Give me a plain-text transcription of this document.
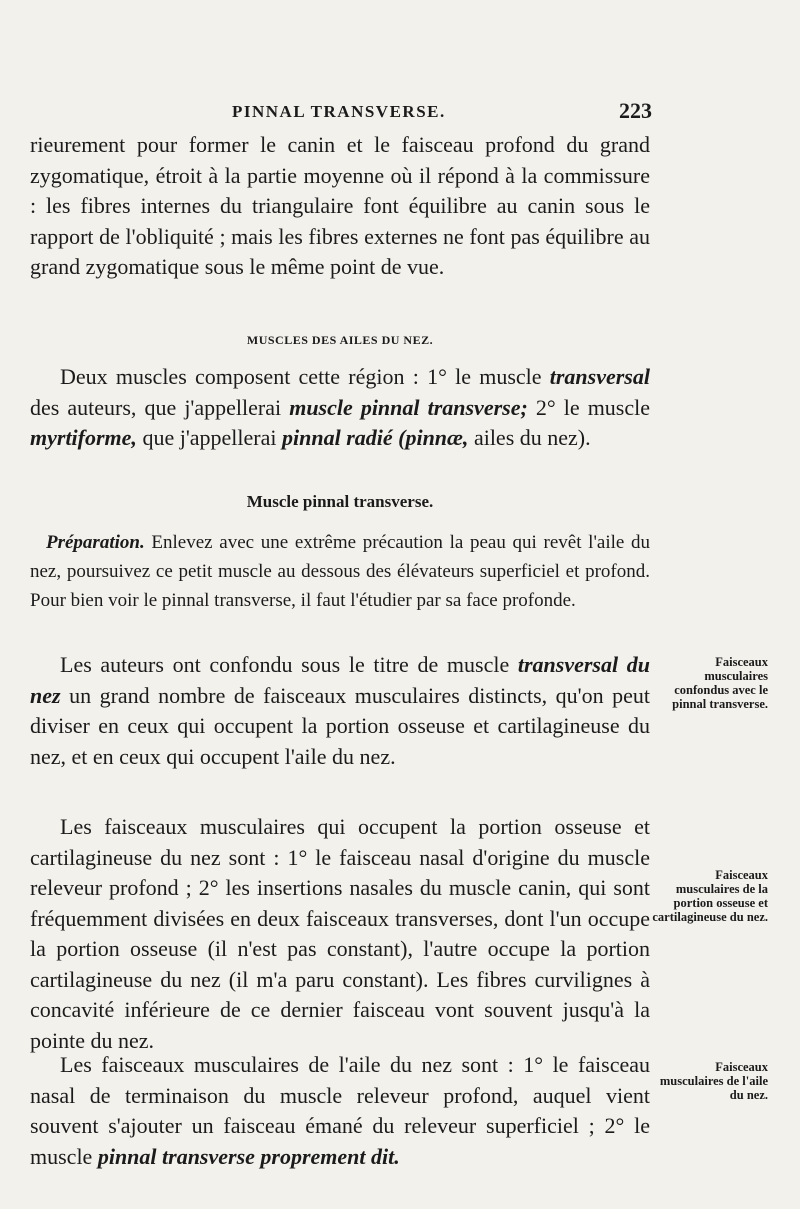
PINNAL TRANSVERSE.	223

rieurement pour former le canin et le faisceau profond du grand zygomatique, étroit à la partie moyenne où il répond à la commissure : les fibres internes du triangulaire font équilibre au canin sous le rapport de l'obliquité ; mais les fibres externes ne font pas équilibre au grand zygomatique sous le même point de vue.

MUSCLES DES AILES DU NEZ.

Deux muscles composent cette région : 1° le muscle transversal des auteurs, que j'appellerai muscle pinnal transverse; 2° le muscle myrtiforme, que j'appellerai pinnal radié (pinnæ, ailes du nez).

Muscle pinnal transverse.

Préparation. Enlevez avec une extrême précaution la peau qui revêt l'aile du nez, poursuivez ce petit muscle au dessous des élévateurs superficiel et profond. Pour bien voir le pinnal transverse, il faut l'étudier par sa face profonde.

Les auteurs ont confondu sous le titre de muscle transversal du nez un grand nombre de faisceaux musculaires distincts, qu'on peut diviser en ceux qui occupent la portion osseuse et cartilagineuse du nez, et en ceux qui occupent l'aile du nez.

Les faisceaux musculaires qui occupent la portion osseuse et cartilagineuse du nez sont : 1° le faisceau nasal d'origine du muscle releveur profond ; 2° les insertions nasales du muscle canin, qui sont fréquemment divisées en deux faisceaux transverses, dont l'un occupe la portion osseuse (il n'est pas constant), l'autre occupe la portion cartilagineuse du nez (il m'a paru constant). Les fibres curvilignes à concavité inférieure de ce dernier faisceau vont souvent jusqu'à la pointe du nez.

Les faisceaux musculaires de l'aile du nez sont : 1° le faisceau nasal de terminaison du muscle releveur profond, auquel vient souvent s'ajouter un faisceau émané du releveur superficiel ; 2° le muscle pinnal transverse proprement dit.

Faisceaux musculaires confondus avec le pinnal transverse.
Faisceaux musculaires de la portion osseuse et cartilagineuse du nez.
Faisceaux musculaires de l'aile du nez.
